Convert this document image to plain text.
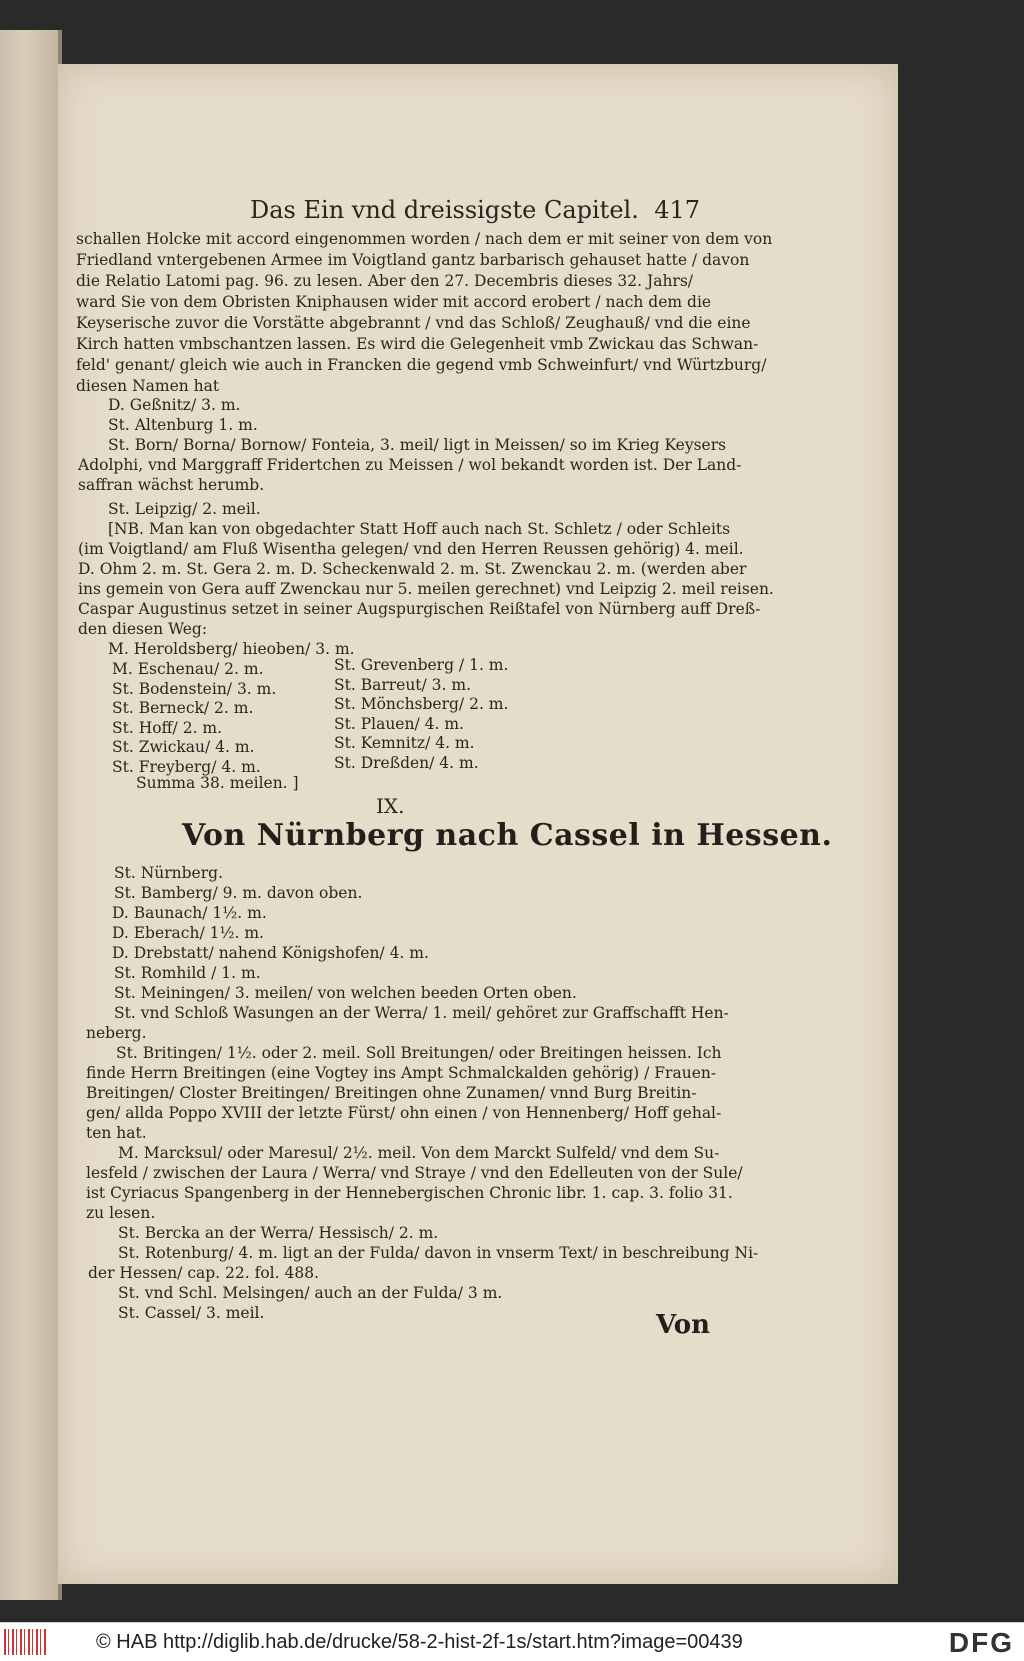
Das Ein vnd dreissigste Capitel. 417
schallen Holcke mit accord eingenommen worden / nach dem er mit seiner von dem von
Friedland vntergebenen Armee im Voigtland gantz barbarisch gehauset hatte / davon
die Relatio Latomi pag. 96. zu lesen. Aber den 27. Decembris dieses 32. Jahrs/
ward Sie von dem Obristen Kniphausen wider mit accord erobert / nach dem die
Keyserische zuvor die Vorstätte abgebrannt / vnd das Schloß/ Zeughauß/ vnd die eine
Kirch hatten vmbschantzen lassen. Es wird die Gelegenheit vmb Zwickau das Schwan-
feld' genant/ gleich wie auch in Francken die gegend vmb Schweinfurt/ vnd Würtzburg/
diesen Namen hat
D. Geßnitz/ 3. m.
St. Altenburg 1. m.
St. Born/ Borna/ Bornow/ Fonteia, 3. meil/ ligt in Meissen/ so im Krieg Keysers
Adolphi, vnd Marggraff Fridertchen zu Meissen / wol bekandt worden ist. Der Land-
saffran wächst herumb.
St. Leipzig/ 2. meil.
[NB. Man kan von obgedachter Statt Hoff auch nach St. Schletz / oder Schleits
(im Voigtland/ am Fluß Wisentha gelegen/ vnd den Herren Reussen gehörig) 4. meil.
D. Ohm 2. m. St. Gera 2. m. D. Scheckenwald 2. m. St. Zwenckau 2. m. (werden aber
ins gemein von Gera auff Zwenckau nur 5. meilen gerechnet) vnd Leipzig 2. meil reisen.
Caspar Augustinus setzet in seiner Augspurgischen Reißtafel von Nürnberg auff Dreß-
den diesen Weg:
M. Heroldsberg/ hieoben/ 3. m.
M. Eschenau/ 2. m.
St. Bodenstein/ 3. m.
St. Berneck/ 2. m.
St. Hoff/ 2. m.
St. Zwickau/ 4. m.
St. Freyberg/ 4. m.
St. Grevenberg / 1. m.
St. Barreut/ 3. m.
St. Mönchsberg/ 2. m.
St. Plauen/ 4. m.
St. Kemnitz/ 4. m.
St. Dreßden/ 4. m.
Summa 38. meilen. ]
IX.
Von Nürnberg nach Cassel in Hessen.
St. Nürnberg.
St. Bamberg/ 9. m. davon oben.
D. Baunach/ 1½. m.
D. Eberach/ 1½. m.
D. Drebstatt/ nahend Königshofen/ 4. m.
St. Romhild / 1. m.
St. Meiningen/ 3. meilen/ von welchen beeden Orten oben.
St. vnd Schloß Wasungen an der Werra/ 1. meil/ gehöret zur Graffschafft Hen-
neberg.
St. Britingen/ 1½. oder 2. meil. Soll Breitungen/ oder Breitingen heissen. Ich
finde Herrn Breitingen (eine Vogtey ins Ampt Schmalckalden gehörig) / Frauen-
Breitingen/ Closter Breitingen/ Breitingen ohne Zunamen/ vnnd Burg Breitin-
gen/ allda Poppo XVIII der letzte Fürst/ ohn einen / von Hennenberg/ Hoff gehal-
ten hat.
M. Marcksul/ oder Maresul/ 2½. meil. Von dem Marckt Sulfeld/ vnd dem Su-
lesfeld / zwischen der Laura / Werra/ vnd Straye / vnd den Edelleuten von der Sule/
ist Cyriacus Spangenberg in der Hennebergischen Chronic libr. 1. cap. 3. folio 31.
zu lesen.
St. Bercka an der Werra/ Hessisch/ 2. m.
St. Rotenburg/ 4. m. ligt an der Fulda/ davon in vnserm Text/ in beschreibung Ni-
der Hessen/ cap. 22. fol. 488.
St. vnd Schl. Melsingen/ auch an der Fulda/ 3 m.
St. Cassel/ 3. meil.	Von
© HAB http://diglib.hab.de/drucke/58-2-hist-2f-1s/start.htm?image=00439	DFG
